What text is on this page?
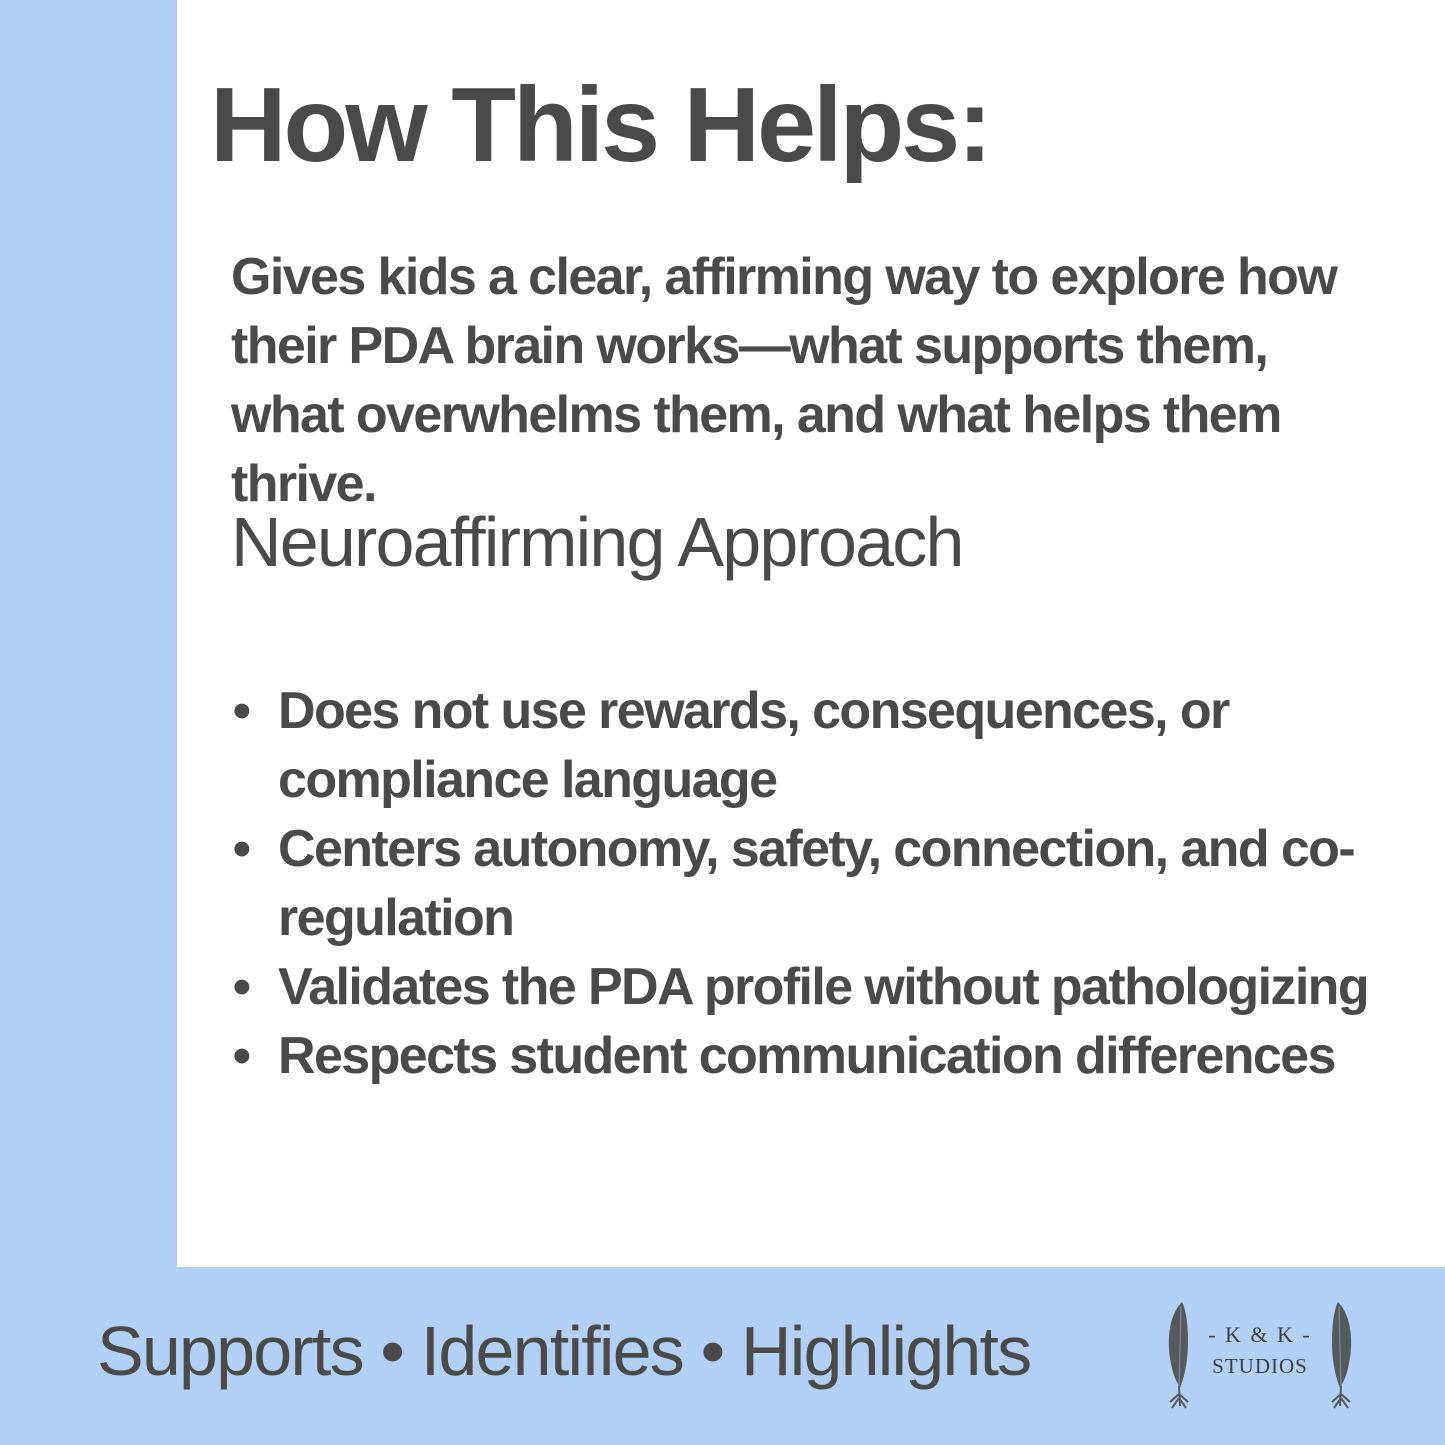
How This Helps:

Gives kids a clear, affirming way to explore how their PDA brain works—what supports them, what overwhelms them, and what helps them thrive.

Neuroaffirming Approach
• Does not use rewards, consequences, or compliance language
• Centers autonomy, safety, connection, and co-regulation
• Validates the PDA profile without pathologizing
• Respects student communication differences

Supports • Identifies • Highlights	- K & K -
STUDIOS
